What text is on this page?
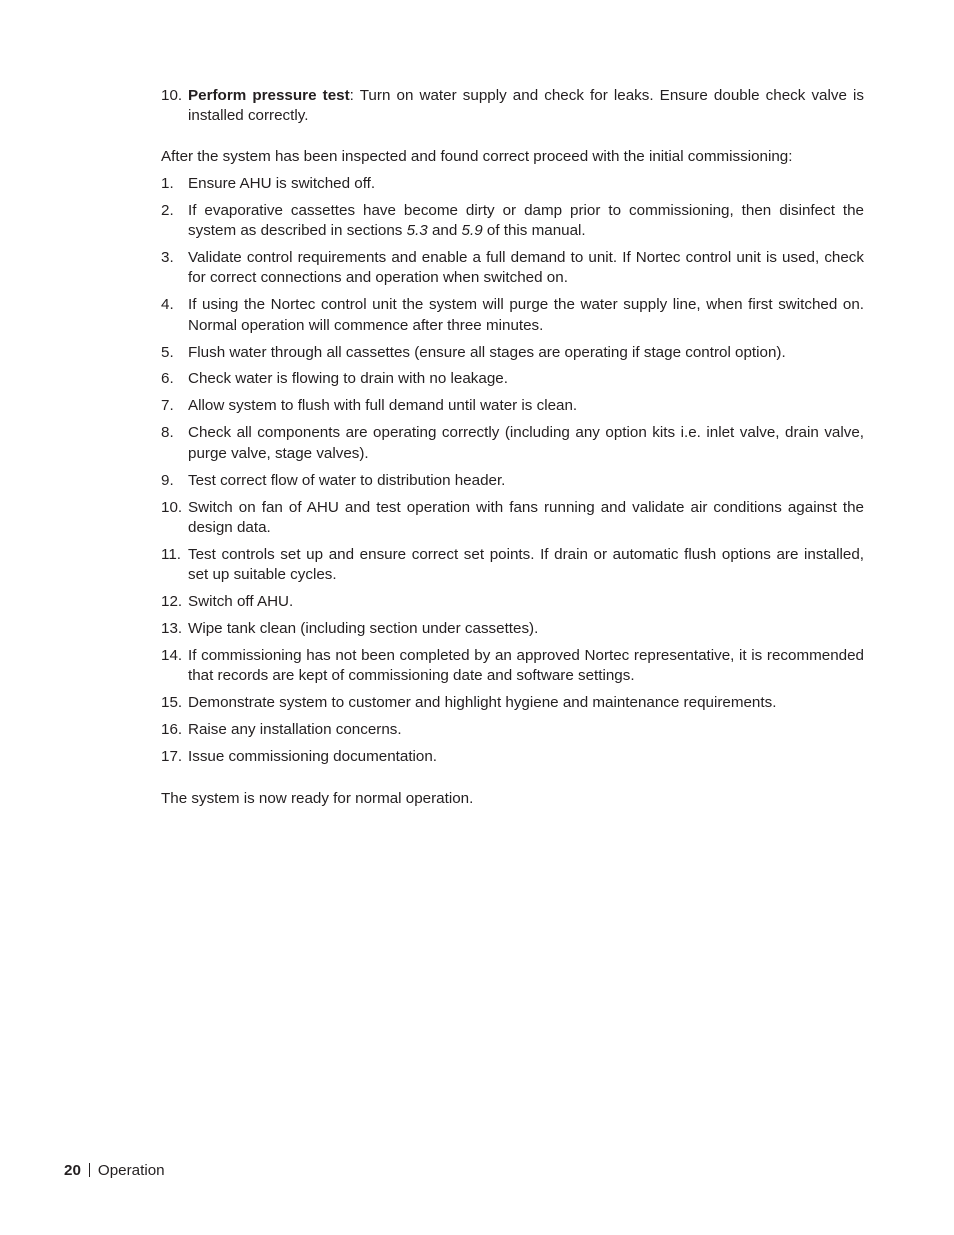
10. Perform pressure test: Turn on water supply and check for leaks. Ensure double check valve is installed correctly.
After the system has been inspected and found correct proceed with the initial commissioning:
1. Ensure AHU is switched off.
2. If evaporative cassettes have become dirty or damp prior to commissioning, then disinfect the system as described in sections 5.3 and 5.9 of this manual.
3. Validate control requirements and enable a full demand to unit. If Nortec control unit is used, check for correct connections and operation when switched on.
4. If using the Nortec control unit the system will purge the water supply line, when first switched on. Normal operation will commence after three minutes.
5. Flush water through all cassettes (ensure all stages are operating if stage control option).
6. Check water is flowing to drain with no leakage.
7. Allow system to flush with full demand until water is clean.
8. Check all components are operating correctly (including any option kits i.e. inlet valve, drain valve, purge valve, stage valves).
9. Test correct flow of water to distribution header.
10. Switch on fan of AHU and test operation with fans running and validate air conditions against the design data.
11. Test controls set up and ensure correct set points. If drain or automatic flush options are installed, set up suitable cycles.
12. Switch off AHU.
13. Wipe tank clean (including section under cassettes).
14. If commissioning has not been completed by an approved Nortec representative, it is recommended that records are kept of commissioning date and software settings.
15. Demonstrate system to customer and highlight hygiene and maintenance requirements.
16. Raise any installation concerns.
17. Issue commissioning documentation.
The system is now ready for normal operation.
20 Operation
